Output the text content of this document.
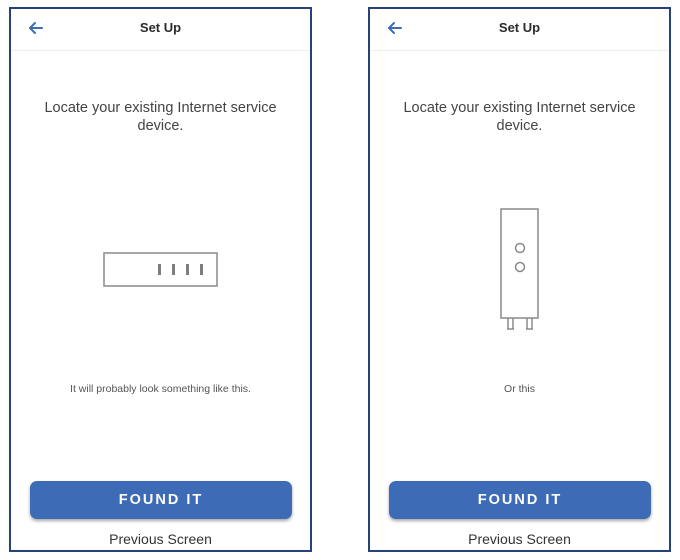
Set Up
Locate your existing Internet service device.
It will probably look something like this.
FOUND IT
Previous Screen
Set Up
Locate your existing Internet service device.
Or this
FOUND IT
Previous Screen
